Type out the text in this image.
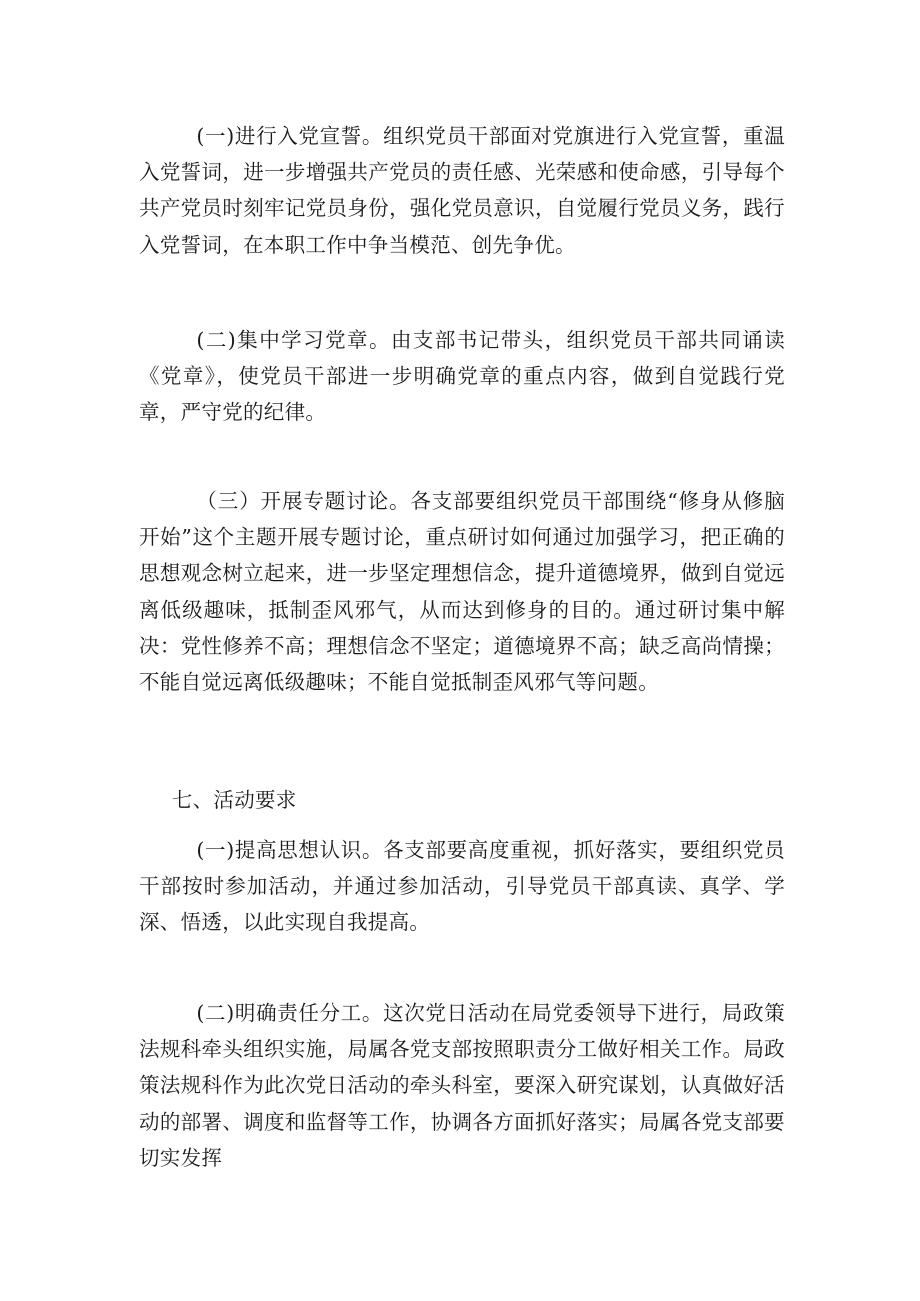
(一)进行入党宣誓。组织党员干部面对党旗进行入党宣誓，重温入党誓词，进一步增强共产党员的责任感、光荣感和使命感，引导每个共产党员时刻牢记党员身份，强化党员意识，自觉履行党员义务，践行入党誓词，在本职工作中争当模范、创先争优。

(二)集中学习党章。由支部书记带头，组织党员干部共同诵读《党章》，使党员干部进一步明确党章的重点内容，做到自觉践行党章，严守党的纪律。

（三）开展专题讨论。各支部要组织党员干部围绕“修身从修脑开始”这个主题开展专题讨论，重点研讨如何通过加强学习，把正确的思想观念树立起来，进一步坚定理想信念，提升道德境界，做到自觉远离低级趣味，抵制歪风邪气，从而达到修身的目的。通过研讨集中解决：党性修养不高；理想信念不坚定；道德境界不高；缺乏高尚情操；不能自觉远离低级趣味；不能自觉抵制歪风邪气等问题。

七、活动要求

(一)提高思想认识。各支部要高度重视，抓好落实，要组织党员干部按时参加活动，并通过参加活动，引导党员干部真读、真学、学深、悟透，以此实现自我提高。

(二)明确责任分工。这次党日活动在局党委领导下进行，局政策法规科牵头组织实施，局属各党支部按照职责分工做好相关工作。局政策法规科作为此次党日活动的牵头科室，要深入研究谋划，认真做好活动的部署、调度和监督等工作，协调各方面抓好落实；局属各党支部要切实发挥
